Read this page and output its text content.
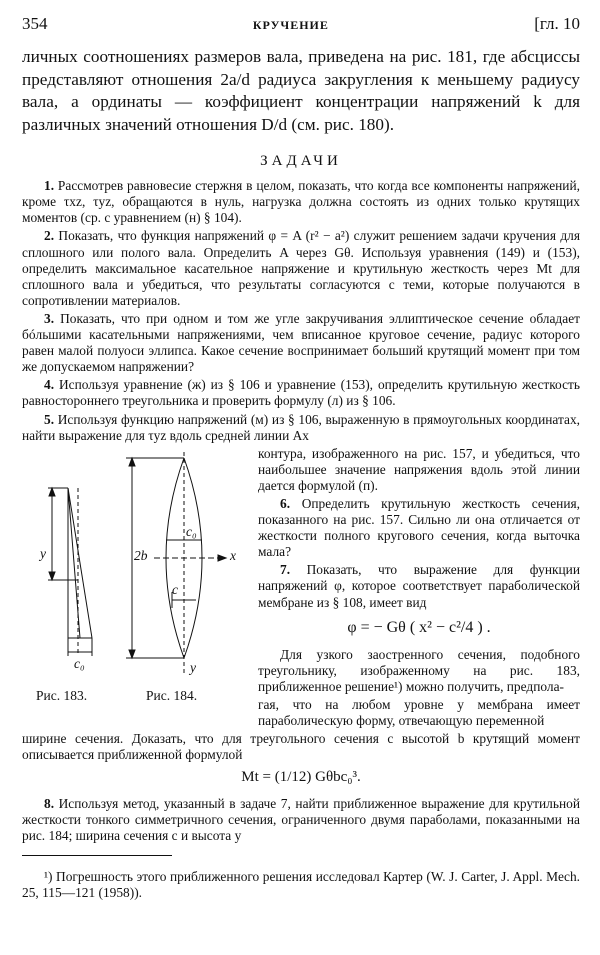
354	КРУЧЕНИЕ	[гл. 10

личных соотношениях размеров вала, приведена на рис. 181, где абсциссы представляют отношения 2a/d радиуса закругления к меньшему радиусу вала, а ординаты — коэффициент концентрации напряжений k для различных значений отношения D/d (см. рис. 180).

ЗАДАЧИ

1. Рассмотрев равновесие стержня в целом, показать, что когда все компоненты напряжений, кроме τxz, τyz, обращаются в нуль, нагрузка должна состоять из одних только крутящих моментов (ср. с уравнением (н) § 104).

2. Показать, что функция напряжений φ = A (r² − a²) служит решением задачи кручения для сплошного или полого вала. Определить A через Gθ. Используя уравнения (149) и (153), определить максимальное касательное напряжение и крутильную жесткость через Mt для сплошного вала и убедиться, что результаты согласуются с теми, которые получаются в сопротивлении материалов.

3. Показать, что при одном и том же угле закручивания эллиптическое сечение обладает бóльшими касательными напряжениями, чем вписанное круговое сечение, радиус которого равен малой полуоси эллипса. Какое сечение воспринимает больший крутящий момент при том же допускаемом напряжении?

4. Используя уравнение (ж) из § 106 и уравнение (153), определить крутильную жесткость равностороннего треугольника и проверить формулу (л) из § 106.

5. Используя функцию напряжений (м) из § 106, выраженную в прямоугольных координатах, найти выражение для τyz вдоль средней линии Ax

y
c₀
2b
c₀
c
x
y
Рис. 183.	Рис. 184.

контура, изображенного на рис. 157, и убедиться, что наибольшее значение напряжения вдоль этой линии дается формулой (п).

6. Определить крутильную жесткость сечения, показанного на рис. 157. Сильно ли она отличается от жесткости полного кругового сечения, когда выточка мала?

7. Показать, что выражение для функции напряжений φ, которое соответствует параболической мембране из § 108, имеет вид

φ = − Gθ ( x² − c²/4 ) .

Для узкого заостренного сечения, подобного треугольнику, изображенному на рис. 183, приближенное решение¹) можно получить, предпола-

гая, что на любом уровне y мембрана имеет параболическую форму, отвечающую переменной

ширине сечения. Доказать, что для треугольного сечения с высотой b крутящий момент описывается приближенной формулой

Mt = (1/12) Gθbc₀³.

8. Используя метод, указанный в задаче 7, найти приближенное выражение для крутильной жесткости тонкого симметричного сечения, ограниченного двумя параболами, показанными на рис. 184; ширина сечения c и высота y

¹) Погрешность этого приближенного решения исследовал Картер (W. J. Carter, J. Appl. Mech. 25, 115—121 (1958)).
